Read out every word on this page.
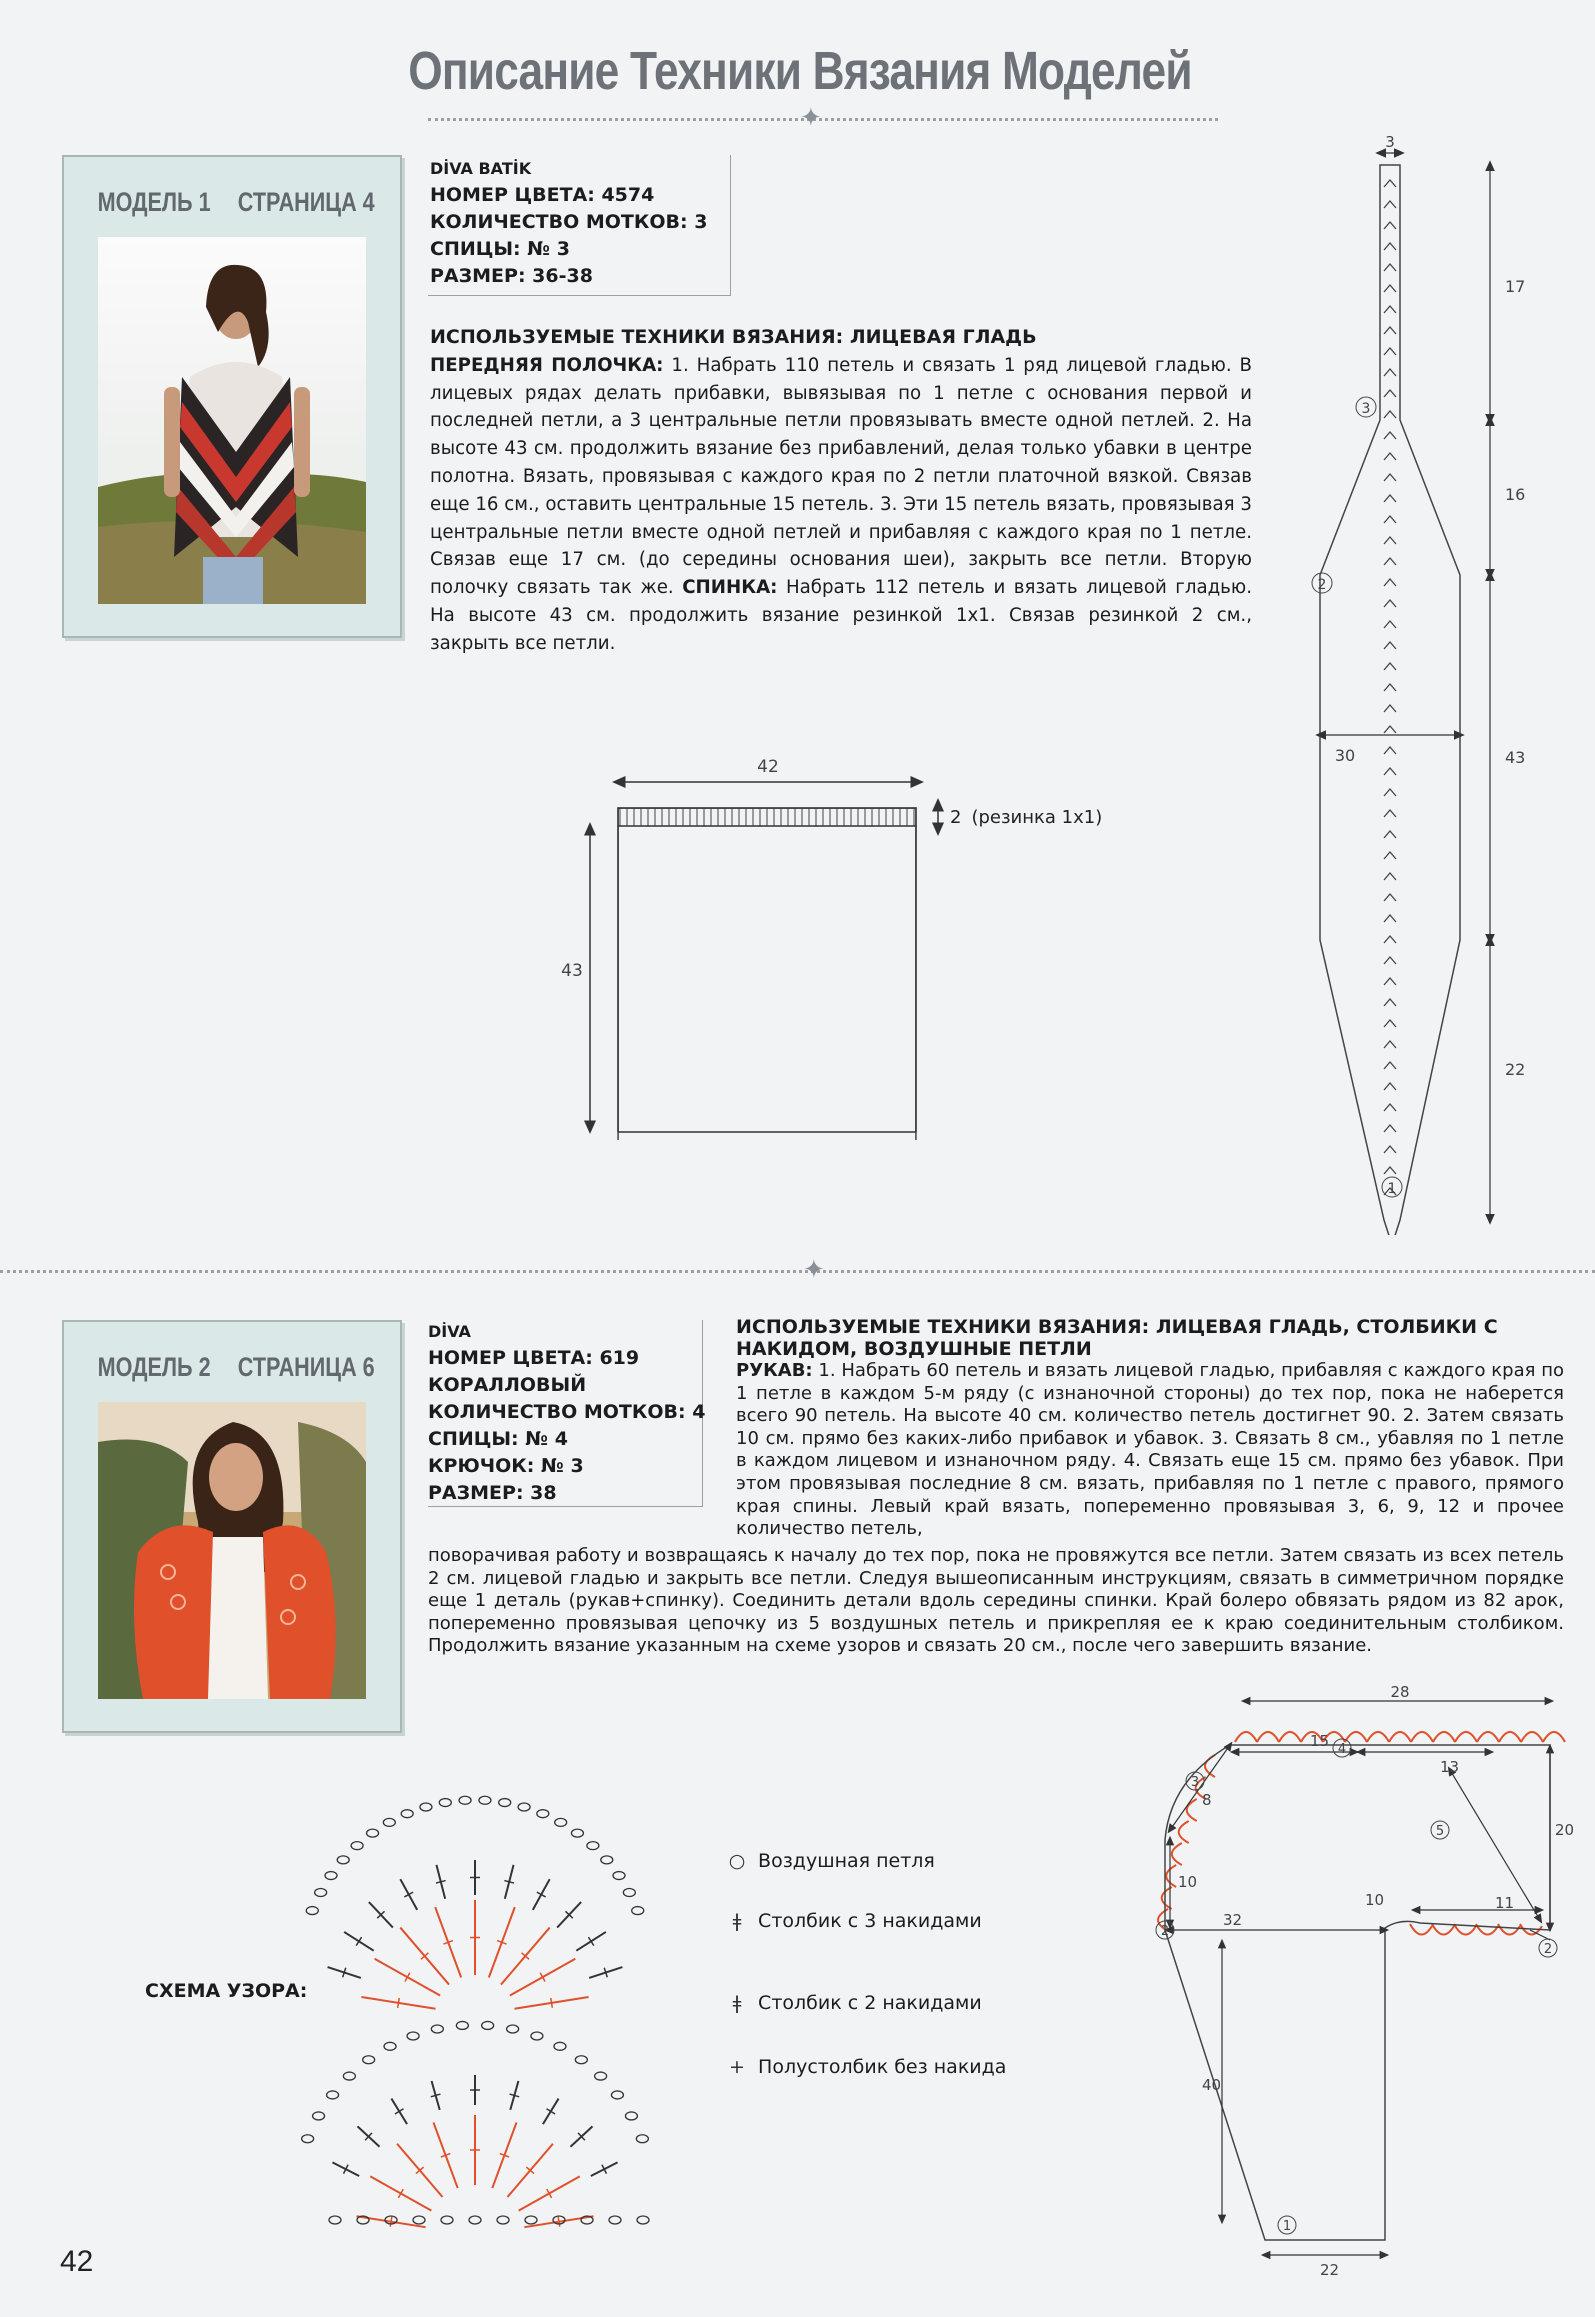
Описание Техники Вязания Моделей
✦
МОДЕЛЬ 1 СТРАНИЦА 4
DİVA BATİK
НОМЕР ЦВЕТА: 4574
КОЛИЧЕСТВО МОТКОВ: 3
СПИЦЫ: № 3
РАЗМЕР: 36-38
ИСПОЛЬЗУЕМЫЕ ТЕХНИКИ ВЯЗАНИЯ: ЛИЦЕВАЯ ГЛАДЬ
ПЕРЕДНЯЯ ПОЛОЧКА: 1. Набрать 110 петель и связать 1 ряд лицевой гладью. В лицевых рядах делать прибавки, вывязывая по 1 петле с основания первой и последней петли, а 3 центральные петли провязывать вместе одной петлей. 2. На высоте 43 см. продолжить вязание без прибавлений, делая только убавки в центре полотна. Вязать, провязывая с каждого края по 2 петли платочной вязкой. Связав еще 16 см., оставить центральные 15 петель. 3. Эти 15 петель вязать, провязывая 3 центральные петли вместе одной петлей и прибавляя с каждого края по 1 петле. Связав еще 17 см. (до середины основания шеи), закрыть все петли. Вторую полочку связать так же. СПИНКА: Набрать 112 петель и вязать лицевой гладью. На высоте 43 см. продолжить вязание резинкой 1x1. Связав резинкой 2 см., закрыть все петли.
42
43
2 (резинка 1x1)
3
17
16
43
22
30
3
2
1
✦
МОДЕЛЬ 2 СТРАНИЦА 6
DİVA
НОМЕР ЦВЕТА: 619
КОРАЛЛОВЫЙ
КОЛИЧЕСТВО МОТКОВ: 4
СПИЦЫ: № 4
КРЮЧОК: № 3
РАЗМЕР: 38
ИСПОЛЬЗУЕМЫЕ ТЕХНИКИ ВЯЗАНИЯ: ЛИЦЕВАЯ ГЛАДЬ, СТОЛБИКИ С НАКИДОМ, ВОЗДУШНЫЕ ПЕТЛИ
РУКАВ: 1. Набрать 60 петель и вязать лицевой гладью, прибавляя с каждого края по 1 петле в каждом 5-м ряду (с изнаночной стороны) до тех пор, пока не наберется всего 90 петель. На высоте 40 см. количество петель достигнет 90. 2. Затем связать 10 см. прямо без каких-либо прибавок и убавок. 3. Связать 8 см., убавляя по 1 петле в каждом лицевом и изнаночном ряду. 4. Связать еще 15 см. прямо без убавок. При этом провязывая последние 8 см. вязать, прибавляя по 1 петле с правого, прямого края спины. Левый край вязать, попеременно провязывая 3, 6, 9, 12 и прочее количество петель,
поворачивая работу и возвращаясь к началу до тех пор, пока не провяжутся все петли. Затем связать из всех петель 2 см. лицевой гладью и закрыть все петли. Следуя вышеописанным инструкциям, связать в симметричном порядке еще 1 деталь (рукав+спинку). Соединить детали вдоль середины спинки. Край болеро обвязать рядом из 82 арок, попеременно провязывая цепочку из 5 воздушных петель и прикрепляя ее к краю соединительным столбиком. Продолжить вязание указанным на схеме узоров и связать 20 см., после чего завершить вязание.
СХЕМА УЗОРА:
○ Воздушная петля
ǂ Столбик с 3 накидами
ǂ Столбик с 2 накидами
+ Полустолбик без накида
28
15
13
20
8
10
10	11
32
40
22
3
4
5
2
2
1
42
